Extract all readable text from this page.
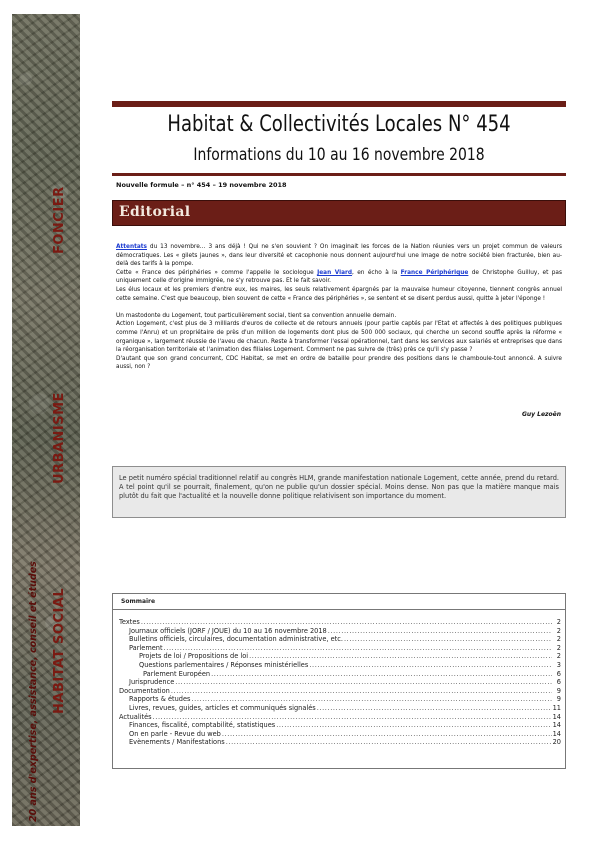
FONCIER
URBANISME
HABITAT SOCIAL
20 ans d'expertise, assistance, conseil et études
Habitat & Collectivités Locales N° 454
Informations du 10 au 16 novembre 2018
Nouvelle formule – n° 454 – 19 novembre 2018
Editorial

Attentats du 13 novembre… 3 ans déjà ! Qui ne s'en souvient ? On imaginait les forces de la Nation réunies vers un projet commun de valeurs démocratiques. Les « gilets jaunes », dans leur diversité et cacophonie nous donnent aujourd'hui une image de notre société bien fracturée, bien au-delà des tarifs à la pompe.

Cette « France des périphéries » comme l'appelle le sociologue Jean Viard, en écho à la France Périphérique de Christophe Guilluy, et pas uniquement celle d'origine immigrée, ne s'y retrouve pas. Et le fait savoir.

Les élus locaux et les premiers d'entre eux, les maires, les seuls relativement épargnés par la mauvaise humeur citoyenne, tiennent congrès annuel cette semaine. C'est que beaucoup, bien souvent de cette « France des périphéries », se sentent et se disent perdus aussi, quitte à jeter l'éponge !

Un mastodonte du Logement, tout particulièrement social, tient sa convention annuelle demain.

Action Logement, c'est plus de 3 milliards d'euros de collecte et de retours annuels (pour partie captés par l'Etat et affectés à des politiques publiques comme l'Anru) et un propriétaire de près d'un million de logements dont plus de 500 000 sociaux, qui cherche un second souffle après la réforme « organique », largement réussie de l'aveu de chacun. Reste à transformer l'essai opérationnel, tant dans les services aux salariés et entreprises que dans la réorganisation territoriale et l'animation des filiales Logement. Comment ne pas suivre de (très) près ce qu'il s'y passe ?

D'autant que son grand concurrent, CDC Habitat, se met en ordre de bataille pour prendre des positions dans le chamboule-tout annoncé. A suivre aussi, non ?

Guy Lezoën
Le petit numéro spécial traditionnel relatif au congrès HLM, grande manifestation nationale Logement, cette année, prend du retard. A tel point qu'il se pourrait, finalement, qu'on ne publie qu'un dossier spécial. Moins dense. Non pas que la matière manque mais plutôt du fait que l'actualité et la nouvelle donne politique relativisent son importance du moment.
Sommaire
Textes .....	2
Journaux officiels (JORF / JOUE) du 10 au 16 novembre 2018 .....	2
Bulletins officiels, circulaires, documentation administrative, etc. .....	2
Parlement .....	2
Projets de loi / Propositions de loi .....	2
Questions parlementaires / Réponses ministérielles .....	3
Parlement Européen .....	6
Jurisprudence .....	6
Documentation .....	9
Rapports & études .....	9
Livres, revues, guides, articles et communiqués signalés .....	11
Actualités .....	14
Finances, fiscalité, comptabilité, statistiques .....	14
On en parle - Revue du web .....	14
Evènements / Manifestations .....	20
